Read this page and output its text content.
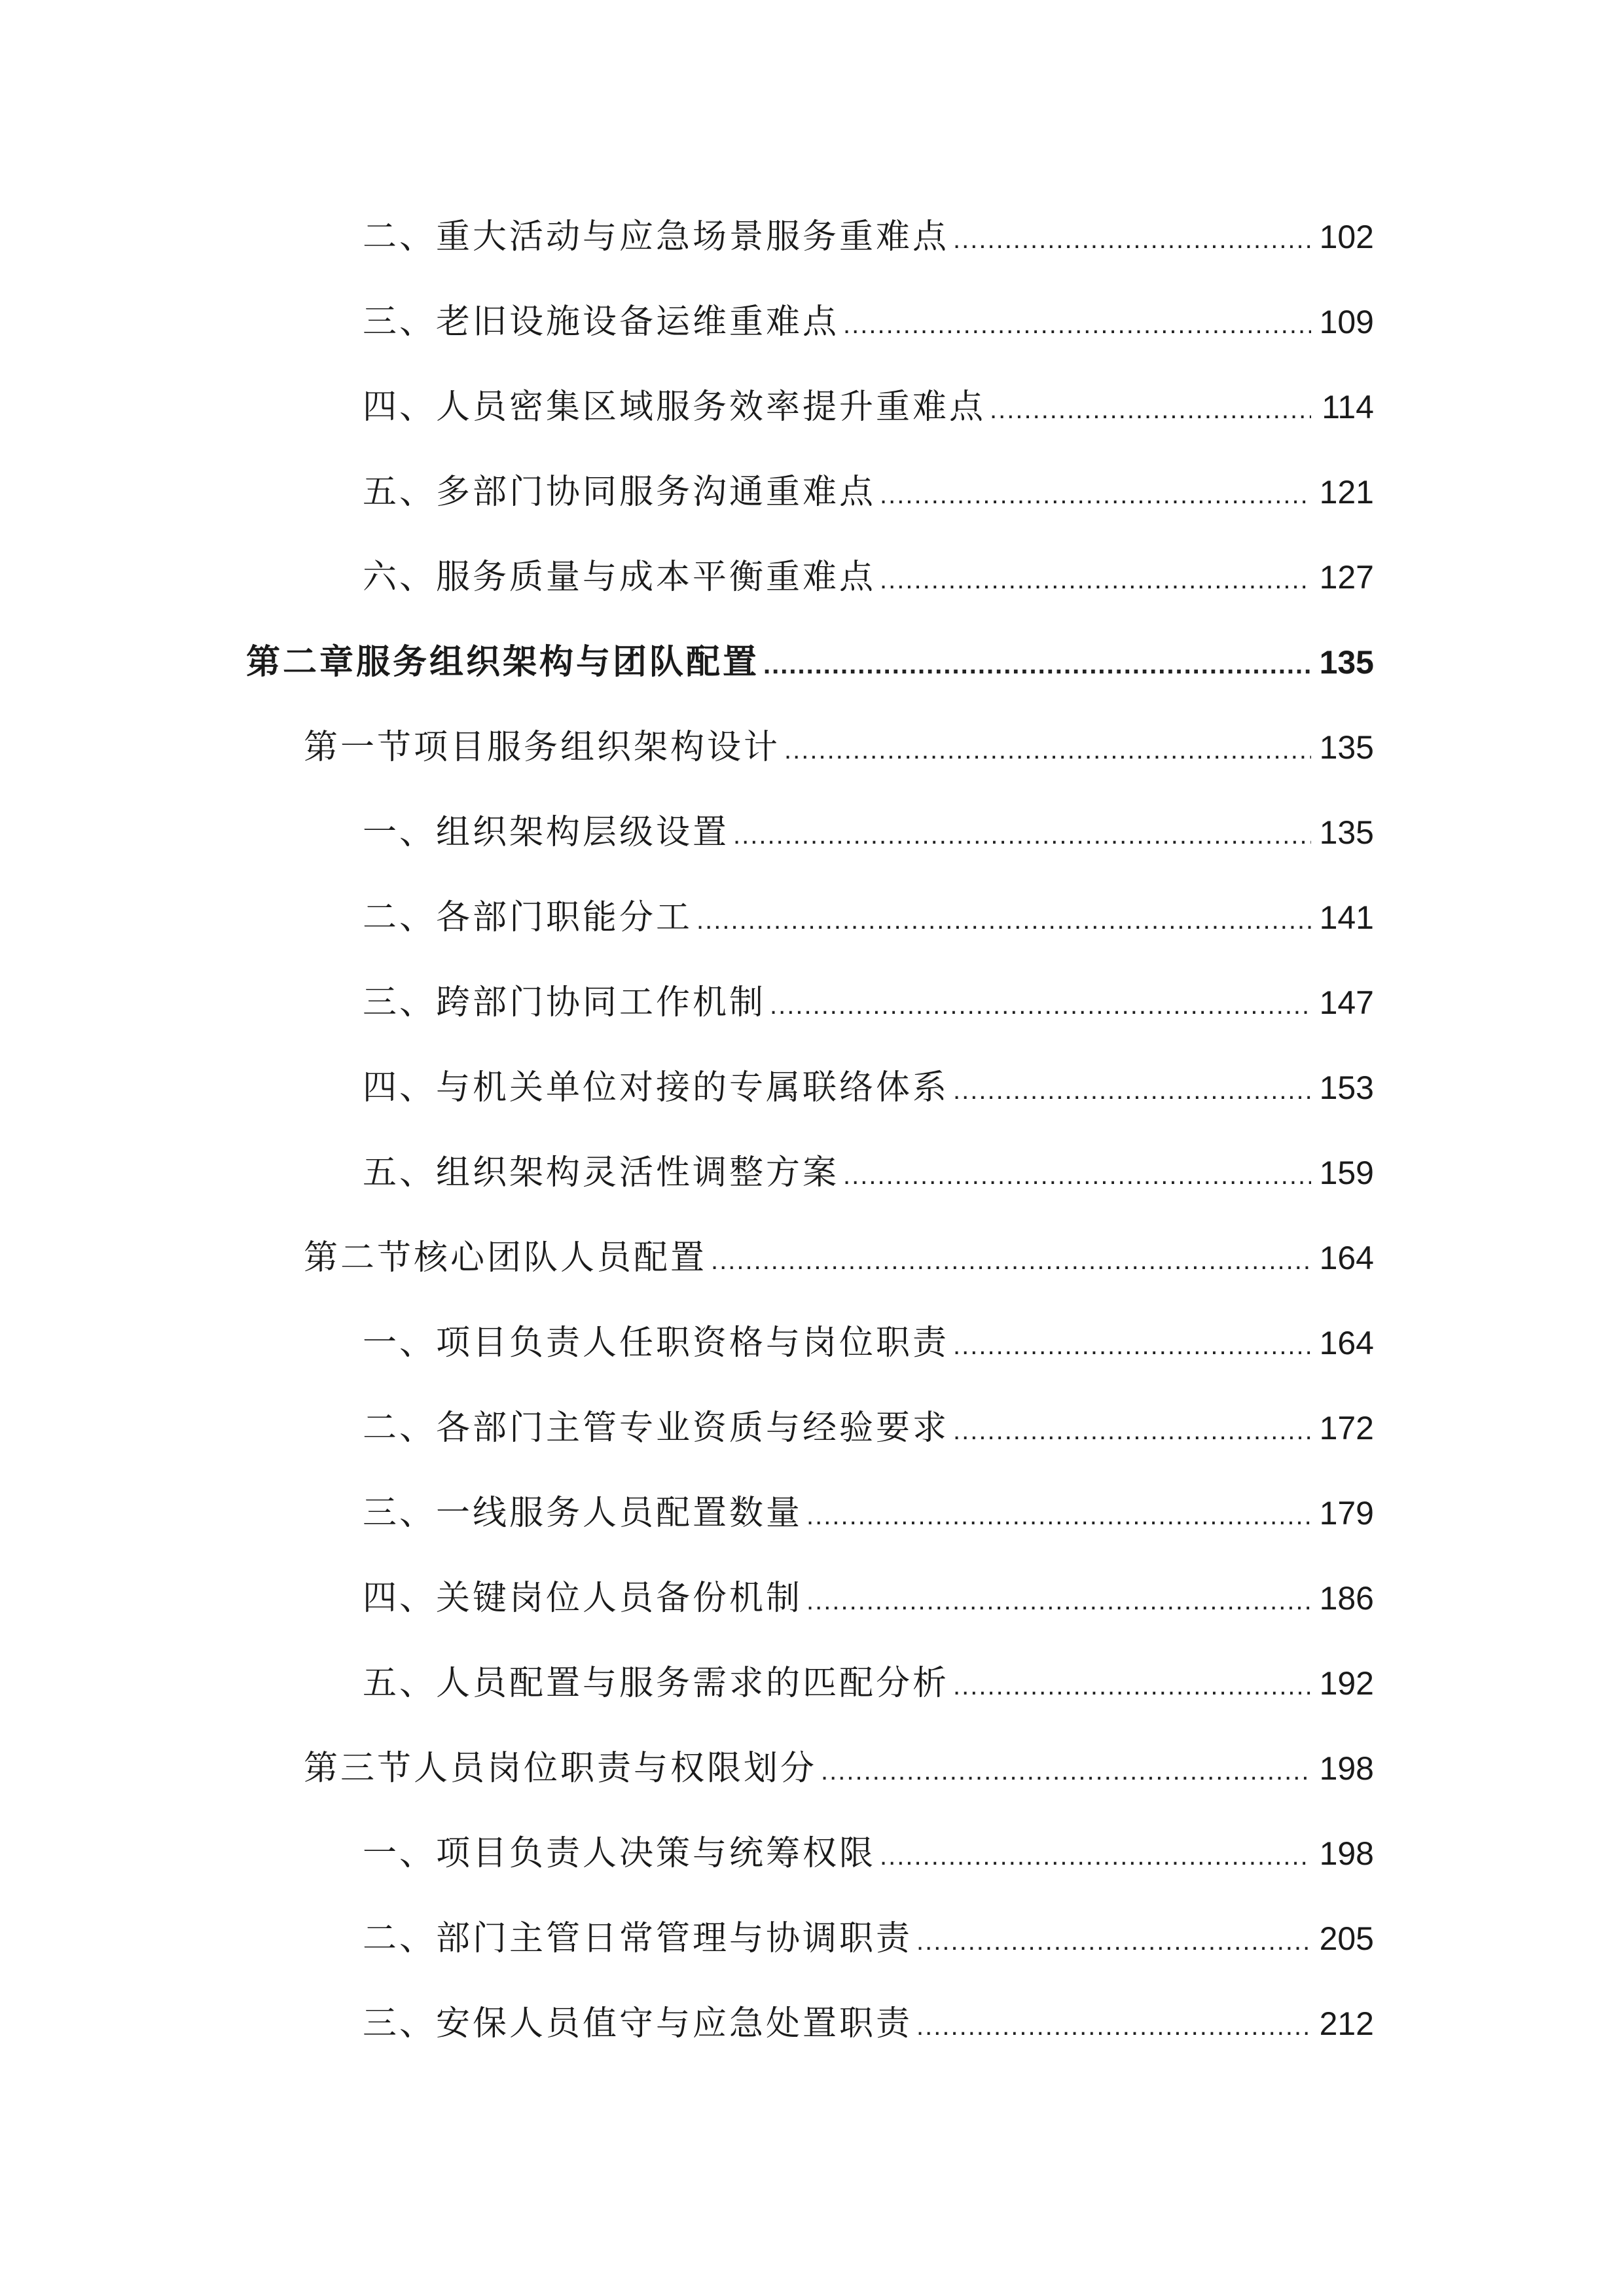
二、重大活动与应急场景服务重难点 .....	102
三、老旧设施设备运维重难点 .....	109
四、人员密集区域服务效率提升重难点 .....	114
五、多部门协同服务沟通重难点 .....	121
六、服务质量与成本平衡重难点 .....	127
第二章服务组织架构与团队配置 .....	135
第一节项目服务组织架构设计 .....	135
一、组织架构层级设置 .....	135
二、各部门职能分工 .....	141
三、跨部门协同工作机制 .....	147
四、与机关单位对接的专属联络体系 .....	153
五、组织架构灵活性调整方案 .....	159
第二节核心团队人员配置 .....	164
一、项目负责人任职资格与岗位职责 .....	164
二、各部门主管专业资质与经验要求 .....	172
三、一线服务人员配置数量 .....	179
四、关键岗位人员备份机制 .....	186
五、人员配置与服务需求的匹配分析 .....	192
第三节人员岗位职责与权限划分 .....	198
一、项目负责人决策与统筹权限 .....	198
二、部门主管日常管理与协调职责 .....	205
三、安保人员值守与应急处置职责 .....	212
